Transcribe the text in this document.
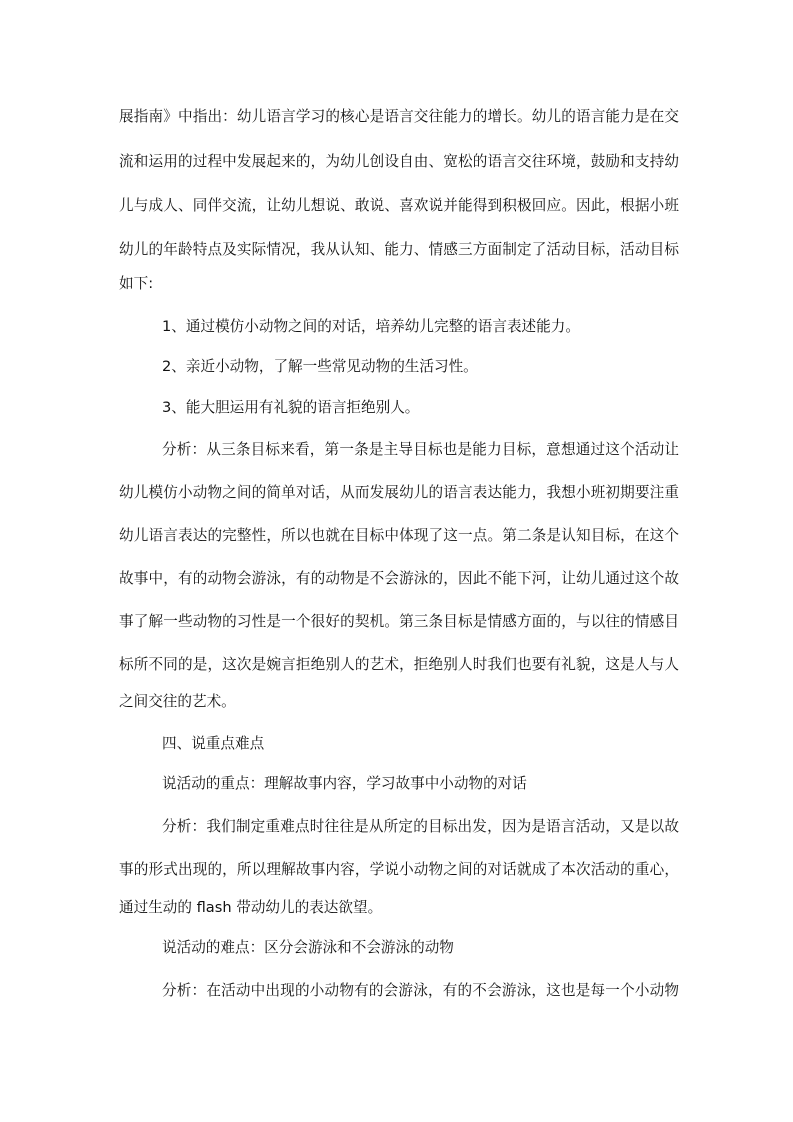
展指南》中指出：幼儿语言学习的核心是语言交往能力的增长。幼儿的语言能力是在交
流和运用的过程中发展起来的，为幼儿创设自由、宽松的语言交往环境，鼓励和支持幼
儿与成人、同伴交流，让幼儿想说、敢说、喜欢说并能得到积极回应。因此，根据小班
幼儿的年龄特点及实际情况，我从认知、能力、情感三方面制定了活动目标，活动目标
如下:
1、通过模仿小动物之间的对话，培养幼儿完整的语言表述能力。
2、亲近小动物，了解一些常见动物的生活习性。
3、能大胆运用有礼貌的语言拒绝别人。
分析：从三条目标来看，第一条是主导目标也是能力目标，意想通过这个活动让
幼儿模仿小动物之间的简单对话，从而发展幼儿的语言表达能力，我想小班初期要注重
幼儿语言表达的完整性，所以也就在目标中体现了这一点。第二条是认知目标，在这个
故事中，有的动物会游泳，有的动物是不会游泳的，因此不能下河，让幼儿通过这个故
事了解一些动物的习性是一个很好的契机。第三条目标是情感方面的，与以往的情感目
标所不同的是，这次是婉言拒绝别人的艺术，拒绝别人时我们也要有礼貌，这是人与人
之间交往的艺术。
四、说重点难点
说活动的重点：理解故事内容，学习故事中小动物的对话
分析：我们制定重难点时往往是从所定的目标出发，因为是语言活动，又是以故
事的形式出现的，所以理解故事内容，学说小动物之间的对话就成了本次活动的重心，
通过生动的 flash 带动幼儿的表达欲望。
说活动的难点：区分会游泳和不会游泳的动物
分析：在活动中出现的小动物有的会游泳，有的不会游泳，这也是每一个小动物
